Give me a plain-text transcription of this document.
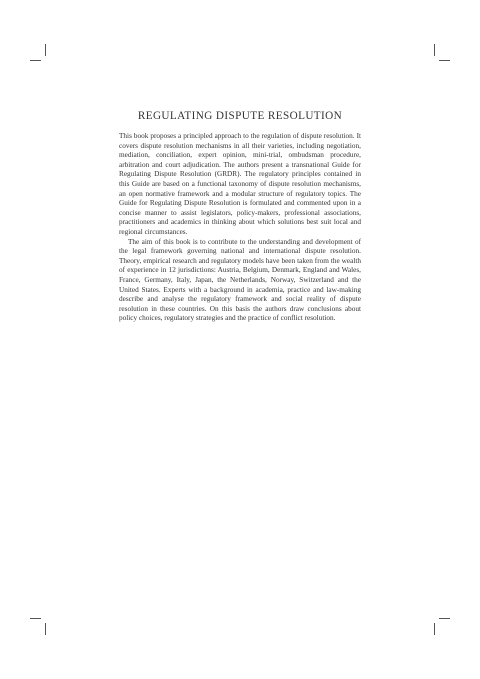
REGULATING DISPUTE RESOLUTION

This book proposes a principled approach to the regulation of dispute resolution. It covers dispute resolution mechanisms in all their varieties, including negotiation, mediation, conciliation, expert opinion, mini-trial, ombudsman procedure, arbitration and court adjudication. The authors present a transnational Guide for Regulating Dispute Resolution (GRDR). The regulatory principles contained in this Guide are based on a functional taxonomy of dispute resolution mechanisms, an open normative framework and a modular structure of regulatory topics. The Guide for Regulating Dispute Resolution is formulated and commented upon in a concise manner to assist legislators, policy-makers, professional associations, practitioners and academics in thinking about which solutions best suit local and regional circumstances.

The aim of this book is to contribute to the understanding and development of the legal framework governing national and international dispute resolution. Theory, empirical research and regulatory models have been taken from the wealth of experience in 12 jurisdictions: Austria, Belgium, Denmark, England and Wales, France, Germany, Italy, Japan, the Netherlands, Norway, Switzerland and the United States. Experts with a background in academia, practice and law-making describe and analyse the regulatory framework and social reality of dispute resolution in these countries. On this basis the authors draw conclusions about policy choices, regulatory strategies and the practice of conflict resolution.
